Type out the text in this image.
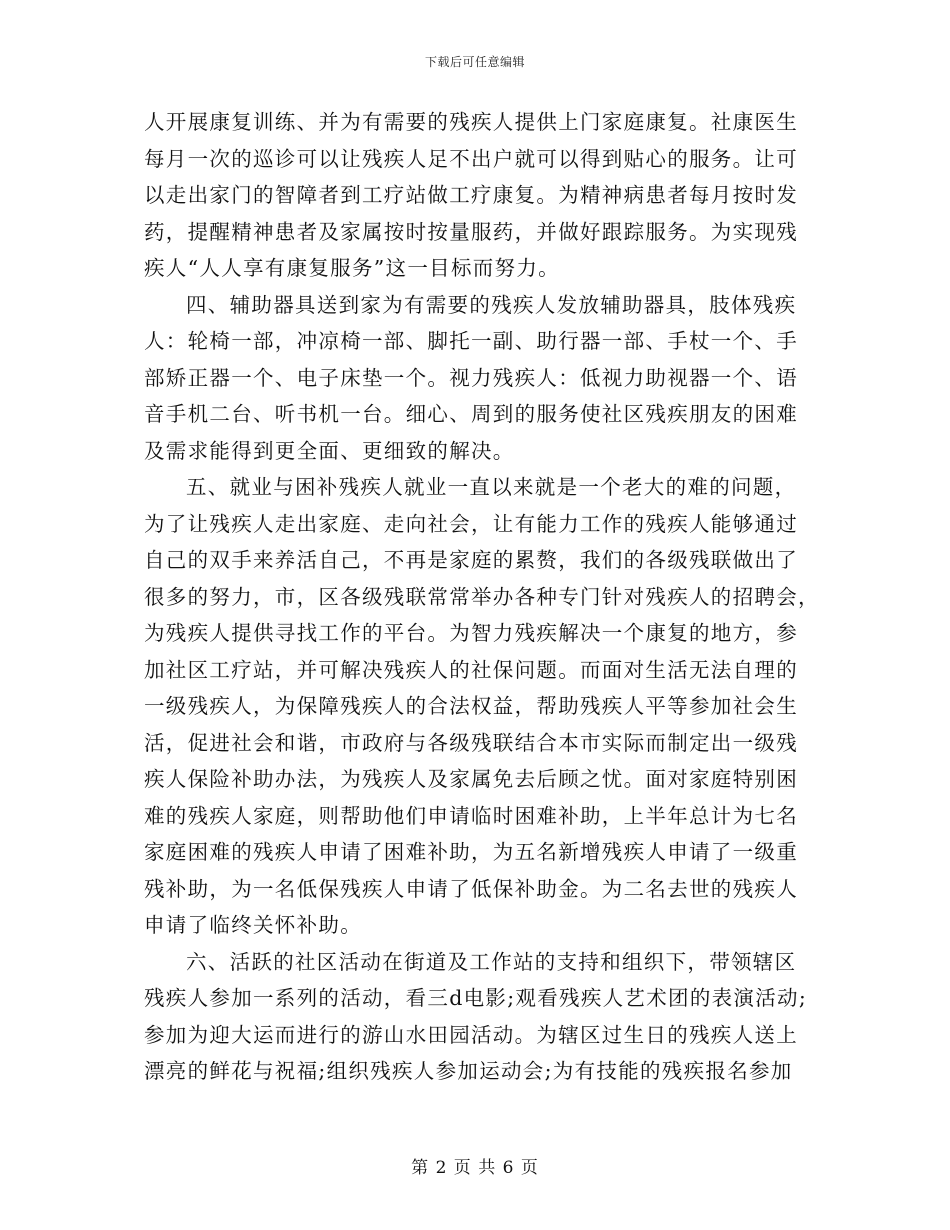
下载后可任意编辑
人开展康复训练、并为有需要的残疾人提供上门家庭康复。社康医生
每月一次的巡诊可以让残疾人足不出户就可以得到贴心的服务。让可
以走出家门的智障者到工疗站做工疗康复。为精神病患者每月按时发
药，提醒精神患者及家属按时按量服药，并做好跟踪服务。为实现残
疾人“人人享有康复服务”这一目标而努力。
四、辅助器具送到家为有需要的残疾人发放辅助器具，肢体残疾
人：轮椅一部，冲凉椅一部、脚托一副、助行器一部、手杖一个、手
部矫正器一个、电子床垫一个。视力残疾人：低视力助视器一个、语
音手机二台、听书机一台。细心、周到的服务使社区残疾朋友的困难
及需求能得到更全面、更细致的解决。
五、就业与困补残疾人就业一直以来就是一个老大的难的问题，
为了让残疾人走出家庭、走向社会，让有能力工作的残疾人能够通过
自己的双手来养活自己，不再是家庭的累赘，我们的各级残联做出了
很多的努力，市，区各级残联常常举办各种专门针对残疾人的招聘会，
为残疾人提供寻找工作的平台。为智力残疾解决一个康复的地方，参
加社区工疗站，并可解决残疾人的社保问题。而面对生活无法自理的
一级残疾人，为保障残疾人的合法权益，帮助残疾人平等参加社会生
活，促进社会和谐，市政府与各级残联结合本市实际而制定出一级残
疾人保险补助办法，为残疾人及家属免去后顾之忧。面对家庭特别困
难的残疾人家庭，则帮助他们申请临时困难补助，上半年总计为七名
家庭困难的残疾人申请了困难补助，为五名新增残疾人申请了一级重
残补助，为一名低保残疾人申请了低保补助金。为二名去世的残疾人
申请了临终关怀补助。
六、活跃的社区活动在街道及工作站的支持和组织下，带领辖区
残疾人参加一系列的活动，看三d电影;观看残疾人艺术团的表演活动;
参加为迎大运而进行的游山水田园活动。为辖区过生日的残疾人送上
漂亮的鲜花与祝福;组织残疾人参加运动会;为有技能的残疾报名参加
第 2 页 共 6 页
